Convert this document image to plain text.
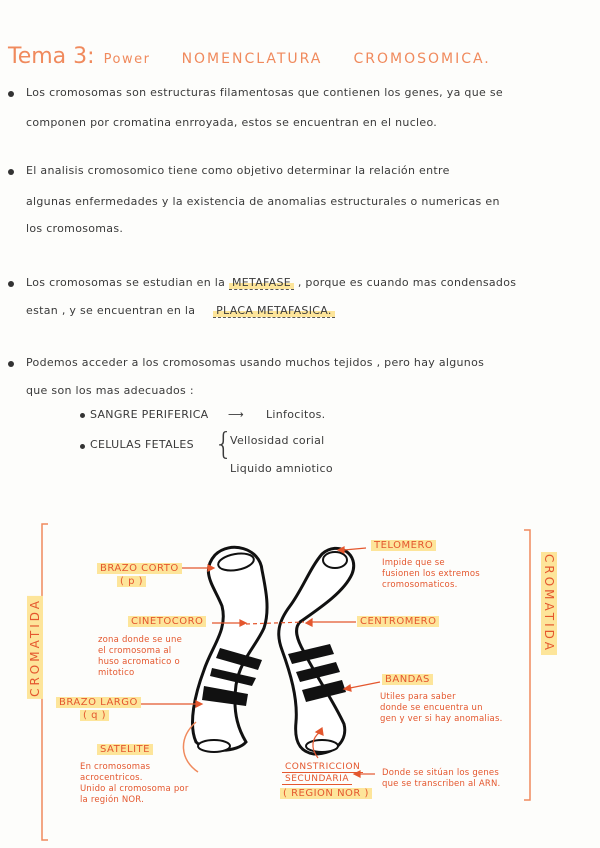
Tema 3: Power NOMENCLATURA CROMOSOMICA.
Los cromosomas son estructuras filamentosas que contienen los genes, ya que se
componen por cromatina enrroyada, estos se encuentran en el nucleo.
El analisis cromosomico tiene como objetivo determinar la relación entre
algunas enfermedades y la existencia de anomalias estructurales o numericas en
los cromosomas.
Los cromosomas se estudian en la METAFASE , porque es cuando mas condensados
estan , y se encuentran en la PLACA METAFASICA.
Podemos acceder a los cromosomas usando muchos tejidos , pero hay algunos
que son los mas adecuados :
SANGRE PERIFERICA ⟶ Linfocitos.
CELULAS FETALES {
Vellosidad corial
Liquido amniotico
TELOMERO
Impide que se
fusionen los extremos
cromosomaticos.
BRAZO CORTO
( p )
CINETOCORO
zona donde se une
el cromosoma al
huso acromatico o
mitotico
CENTROMERO
BANDAS
Utiles para saber
donde se encuentra un
gen y ver si hay anomalias.
BRAZO LARGO
( q )
SATELITE
En cromosomas
acrocentricos.
Unido al cromosoma por
la región NOR.
CONSTRICCION
SECUNDARIA
( REGION NOR )
Donde se sitúan los genes
que se transcriben al ARN.
CROMATIDA	CROMATIDA
